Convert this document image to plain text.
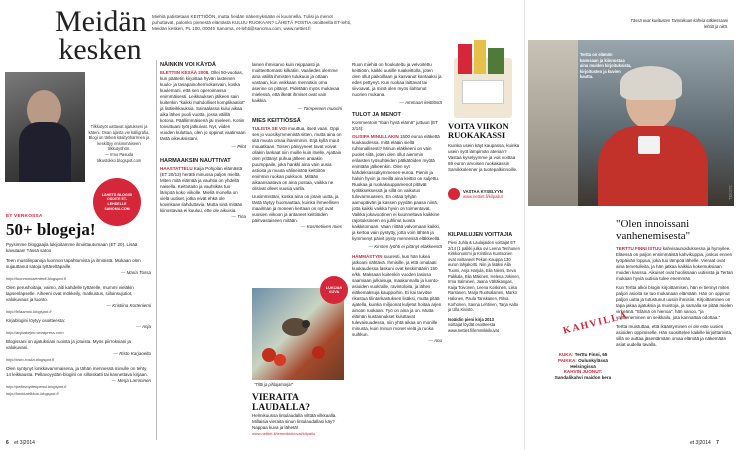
Meidän
kesken
Miehiä patistetaan KEITTIÖÖN, mutta heidän näkemyksiään ei kuunnella. Tulisi ja menot puhuttavat, palonko pienestä elämästä KULUU RUOKAAN? LÄHETÄ POSTIA osoitteella ET-lehti, Meidän kesken, PL 100, 00040 Sanoma, et-lehti@sanoma.com, www.nettiet.fi
Tilkkutyöt uattavat ajatukseni ja käteni. Osan ajasta vie kalligrafia. Blogi on tärkeä käsityöharrmen ja keskittyy ensimmäiseen tilkkutyöhön.
— Irmo Pasuda
tilkustokko.blogspot.com
LÄHETÄ BLOGISI OSOITE ET-LEHDELLE SANOMA.COM
ET VERKOSSA
50+ blogeja!
Pyysimme bloggaajia lukijoitamme ilmoittautumaan (ET 20). Lisää kavutaan! Tässä satoo
Teen mustilinpanoja luonnon tapahtumista ja ilmiöistä. Mukaan olen sujauttanut satoja tyttäreltäpaille.
— Maria Tossa
http://luonnonkalenterit.blogspot.fi
Olen perushoitaja, vaimo, äiti kahdelle tyttärelle, mummi vieläkin lapsenlapselle. Aiheeni ovat mökkeily, matkustus, siiloinsujutiot, valokuvaus ja luonto.
— Kristiina Korteniemi
http://hilaamok.blogspot.fi
Kirjablogini löytyy osoitteesta:
— Anja
http://anjaakirjoo.wordpress.com
Blogissani on ajatuksiani ruoista ja jotuista. Myös piirroksiani ja valokuvani.
— Risto Karjaoelto
http://risto-roska.blogspot.fi
Olen syntynyt lonkkavammaisena, ja tähän mennessä minulle on tehty 14 leikkausta. Pellavoyydän-blogini on silloiskatti tai kannettava kirjaan.
— Merja Lamminen
http://pellavoydenpensi.blogspot.fi
http://lonkkaelkkuu.blogspot.fi
6 et 3|2014
NÄINKIN VOI KÄYDÄ
ELETTIIN KESÄÄ 2008. Ollei 50-vuotias, kun päätetin kirjoittaa hyvän lasteinen kuulo- ja tasapainohermokasvain, koska kuulemani, että sen operoimassa enimmäisesti. Leikkauksen jälkeen sain kuitenkin "kaikki mahdolliset komplikaatiot" ja lisäleikkauksia. Sairaalassa kului aikaa aika lähes puoli vuotta, jossa välillä kotona. Päällimmäisenä jäi mieleen. Kotiin toivuttuani työt jatkuivat. Nyt, viiden vuoden kuluttua, olen jo oppinut vaatimaan tästä oikeuksistani.
— Pilot
HARMAAKSIN NAUTTIVAT
HAASTATTELU Kaija Pohjolan elämästä (ET 20/13) herätti minussa paljon mieltä. Miten mitä elämää ja vauhtia on yhdellä naisella. Keittotaito ja vauhtikäs tuo lämpöä koko viikolle. Mieliä monella on vielä uutiset, jotka eivät ehkä ole kovinkaan ilahduttavia. Mutta sinä mitään kiinostavaa ei kuuluu, ette ole aikuisia.
— Tina
lainen ihmisarvo kuin reippaasti ja moitteettomasti kilkatiin. Vaaliedes olemme aina välillä ihmisten tulukuun ja ottaan vastaan, kun veikkaan mennäkin oma asenne on pitänyt. Pidetään myös mukavaa mielessä, että ilkeät ihmiset ovat vain kaikkia.
— Tampereen muorini
MIES KEITTIÖSSÄ
TULISTA SE VOI muuttua, itseä vaan. Oppi sen jo vuosikymmenistä sitten, mutta aina on sitä muuta omaa ihanimmin. Erjä kyllä muut muuatkaan. Toisen päivyyneet tavat voivat ollakin lankaat niin muille kuin itselle. Ajattain olen yrittänyt puhua jälleen anaakin puumppaile, joka hankki aina vain uusia astioita ja muuta välineistöä keittiöön enimmin ruokan pukkoon. Mitään aikaansaatava on aina postaa, vaikka ne olisivat olleet vuosia varlla.
Uusimmistäni, koska aina on jotain uutta, ja tästä täytyy huomauttaa, kuinka ihmeellisen maailman ja moneen kertaan on nyt ovat vuosien viikoon ja antaneet keittiöiden päinvastaiseen mitään.
— Kosmetiiven mies
LUKIJAN KUVA
"Tiltti ja pihlajamarjat"
VIERAITA LAUDALLA?
Helmikuussa lintulaudalla vilttää vilkkaalla. Millaisia vieraita sinun lintulaudallasi käy? Nappaa kuva ja lähetä!
www.nettiet.fi/lemmikkikuvat/kilpailu
Ruon miehiä on houkuteltu ja velvoitettu keittiöön, kaikki uusille ruiakeittolla, joten olen ollut paikoillaan ja kasvanut kantaaksi ja edes pettynyt. Kun ruokaa laittavat tai siivoavat, ja minä olen myös ilahtunut nuorien mukana.
— Ammaan keittiöstä
TULOT JA MENOT
Kommentoin "Iban hyvä elämä" juttuun (ET 2/14):
OLISIPA MINULLAKIN 1500 euroa eläkettä kuukaudessa. mitä elääin siellä ruhtonallisesti? Minun eläkkeeni on vain puolet siitä, joten olen ollut aiemmin erilaisten työsuhteiden pätkätöiden myötä enintään jälkeenkin. Olen nyt kahdeksassakymmenen-euroa. Pienin ja halvin hyvin ja meillä aina keittiö on suljettu. Ruokaa ja ruokakauppamenot pitävät työläkseksessä ja sillä on vaikutus tulovarmuuteen. En ostaa tyhjän aamupäivän ja kassen pyydän paasa niinä, jotta kaikki vaikka hyvin on toimentavat. Vaikka jokavuotinen ei kuunneltava kaikkine rajoituksineen en juhlinut tuosta kaikkitomaan. Vaan riittää valvomaan kaikki, ja kertoa vain pystytty, jotta voin lähteä ja kymmenyt päivit pysty mennessä eläkkeellä.
— Kirsten lyöhti ei pitänyt eläkkeestä
HÄMMÄSTYIN suuresti, kun hän lukea jatkoani nähtävä. Ihmisille, ja että omalaati kuukaudessa laskuni ovat keskimäärin 150 e/kk. Maksaan kuitenkin vuoden lasissa saamiaan julkaisuja, maakunnalla ja luonto-asioiden vuokralle, ravintoloita, ja lähes eläkemaksuja kauppoihin. Ei kai tarvitse rikastua tilintarkastuksen lisäksi, mutta pitää ajatella, kuinka miljoonat kuljetut hoitaa arjen ainoan ruokaan. Työ on aina ja on. Mutta elämän kustannukset kuluttavat tulevaisuudessa, niin yhtä aikaa on monille minusta, kuin minun monet vielä ja ruoka suihkun.
— Anu
VOITA VIIKON RUOKAKASSI
Kuinka usein käyt kaupassa, kuinka usein syöt lämpimän aterian? Vastaa kyselyymme ja voit voittaa 69 euron arvoisen ruokakassin Sarvikkolenner ja tuotepalkinnoille.
VASTAA KYSELYYN
www.nettiet.fi/kilpailut
KILPAILUJEN VOITTAJIA
Pieni Juhla & Laulajaiden voittajat ET 2/14 (1 palkki julka ovi Leena Tenhunen Kirkkonummi ja Kristiina Kuntsonen ovat voittaneet Pekan Kauppa 130 euron lahjakortti. Niin ja lisäksi Aila Tuomi, Anja Harjula, Eila Niemi, Eeva Pakkala, Eila Mäkinen, Helena Jokinen, Irma Salminen, Jaana Vähäkangas, Kaija Toivonen, Leena Koskinen, Liisa Rantanen, Marja Ruotsalainen, Marko Halonen, Paula Tanskanen, Ritva Korhonen, Sanna Lehtinen, Tarja Aalto ja Ulla Kivistö.
Isoäidin pieni kirja 2013
voittajat löydät osoitteesta www.nettiet.fi/lemmikkikuvat
Tässä ovat kuvitusten Tammikuun kahvia tutkiessaani lehtiä ja niitä.
Tertta on elämän kanssaan ja kiinnostaa aina muiden kirjoituksista, kirjoitusten ja kuvien kautta.
"Olen innoissani vanhenemisesta"
TERTTU FINNI ISTUU kahvisaunoiduksessa ja hymyilee. Eläessä on paljon ensimmäistä kahvikuppia, joskus ennen työpäivän loppua, joka tuo lämpöä lähelle. Vieraat ovat aina tervetulleita, ja hän jatkaa kaikkia kokemuksiaan muiden kanssa. Aikuiset ovat huolissaan uutisista ja Tertan mukaan hyviä uutisia tulee enemmän.
Kun Tertta alkoi blogin kirjoittamisen, hän ei tiennyt miten paljon asioita se tuo mukanaan elämään. Hän on oppinut paljon uutta ja tutustunut uusiin ihmisiin. Kirjoittaminen on tapa jakaa ajatuksia ja muistoja, ja samalla se pitää mielen virkeänä. "Elämä on hienoa", hän sanoo, "ja vanheneminen on seikkailu, jota kannattaa odottaa."
Tertta muistuttaa, että ikääntyminen ei ole este uusien asioiden oppimiselle. Hän suosittelee kaikille kirjoittamista, sillä se auttaa jäsentämään omaa elämää ja näkemään asiat uudella tavalla.
KAHVILLA
KUKA: Terttu Finni, 65
PAIKKA: Oulunkylässä Helsingissä
KAHVIN JUONUT: Sandalikahvi maidon kera
TEKSTI:
et 3|2014 7
